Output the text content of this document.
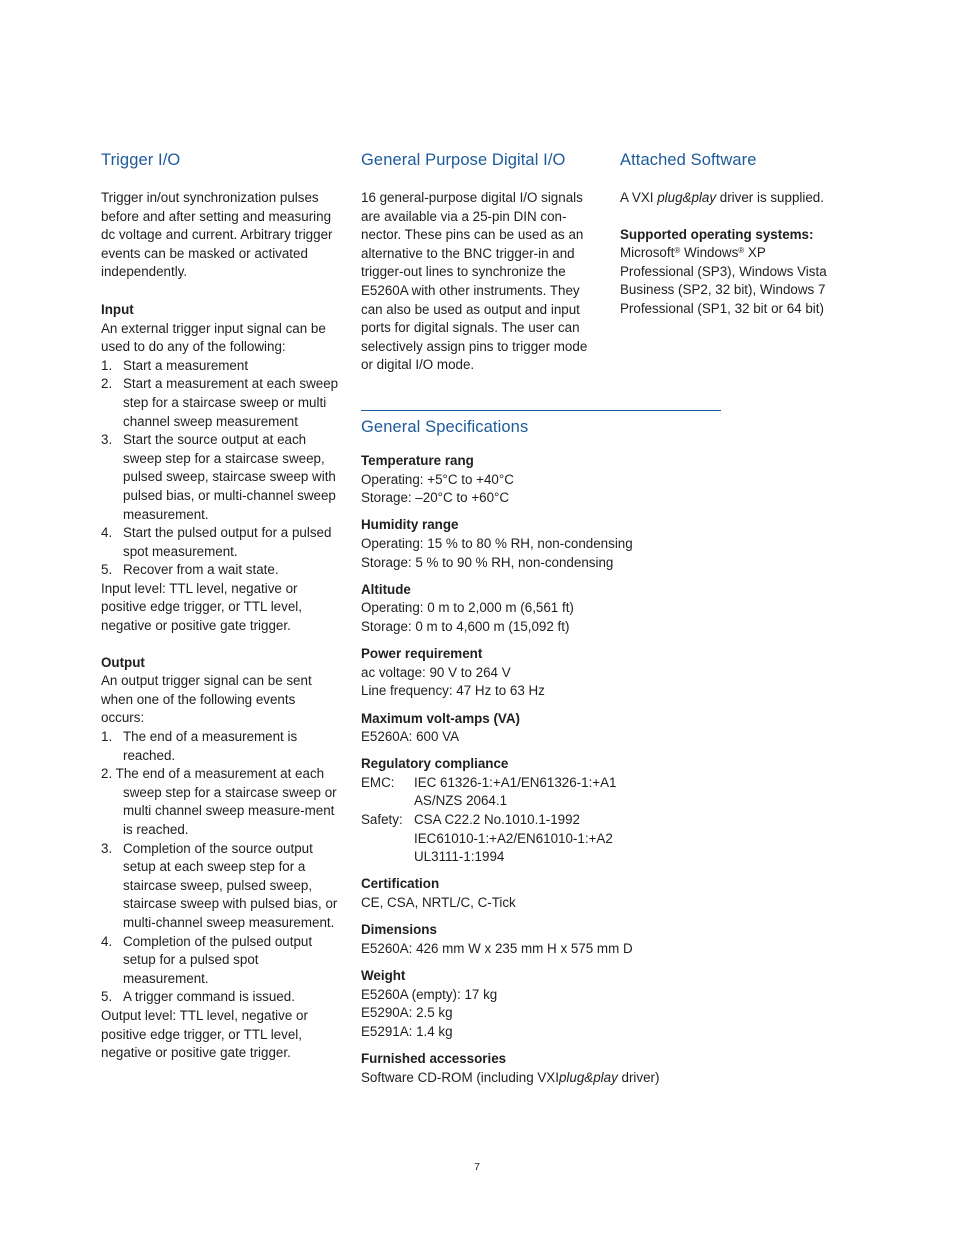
Trigger I/O

Trigger in/out synchronization pulses before and after setting and measuring dc voltage and current. Arbitrary trigger events can be masked or activated independently.

Input

An external trigger input signal can be used to do any of the following:

1. Start a measurement
2. Start a measurement at each sweep step for a staircase sweep or multi channel sweep measurement
3. Start the source output at each sweep step for a staircase sweep, pulsed sweep, staircase sweep with pulsed bias, or multi-channel sweep measurement.
4. Start the pulsed output for a pulsed spot measurement.
5. Recover from a wait state.

Input level: TTL level, negative or positive edge trigger, or TTL level, negative or positive gate trigger.

Output

An output trigger signal can be sent when one of the following events occurs:

1. The end of a measurement is reached.
2. The end of a measurement at each sweep step for a staircase sweep or multi channel sweep measure-ment is reached.
3. Completion of the source output setup at each sweep step for a staircase sweep, pulsed sweep, staircase sweep with pulsed bias, or multi-channel sweep measurement.
4. Completion of the pulsed output setup for a pulsed spot measurement.
5. A trigger command is issued.

Output level: TTL level, negative or positive edge trigger, or TTL level, negative or positive gate trigger.

General Purpose Digital I/O

16 general-purpose digital I/O signals are available via a 25-pin DIN con-nector. These pins can be used as an alternative to the BNC trigger-in and trigger-out lines to synchronize the E5260A with other instruments. They can also be used as output and input ports for digital signals. The user can selectively assign pins to trigger mode or digital I/O mode.

Attached Software

A VXI plug&play driver is supplied.

Supported operating systems:

Microsoft® Windows® XP Professional (SP3), Windows Vista Business (SP2, 32 bit), Windows 7 Professional (SP1, 32 bit or 64 bit)

General Specifications

Temperature rang

Operating: +5°C to +40°C

Storage: –20°C to +60°C

Humidity range

Operating: 15 % to 80 % RH, non-condensing

Storage: 5 % to 90 % RH, non-condensing

Altitude

Operating: 0 m to 2,000 m (6,561 ft)

Storage: 0 m to 4,600 m (15,092 ft)

Power requirement

ac voltage: 90 V to 264 V

Line frequency: 47 Hz to 63 Hz

Maximum volt-amps (VA)

E5260A: 600 VA

Regulatory compliance

EMC:	IEC 61326-1:+A1/EN61326-1:+A1

AS/NZS 2064.1

Safety: CSA C22.2 No.1010.1-1992

IEC61010-1:+A2/EN61010-1:+A2

UL3111-1:1994

Certification

CE, CSA, NRTL/C, C-Tick

Dimensions

E5260A: 426 mm W x 235 mm H x 575 mm D

Weight

E5260A (empty): 17 kg

E5290A: 2.5 kg

E5291A: 1.4 kg

Furnished accessories

Software CD-ROM (including VXIplug&play driver)

7
